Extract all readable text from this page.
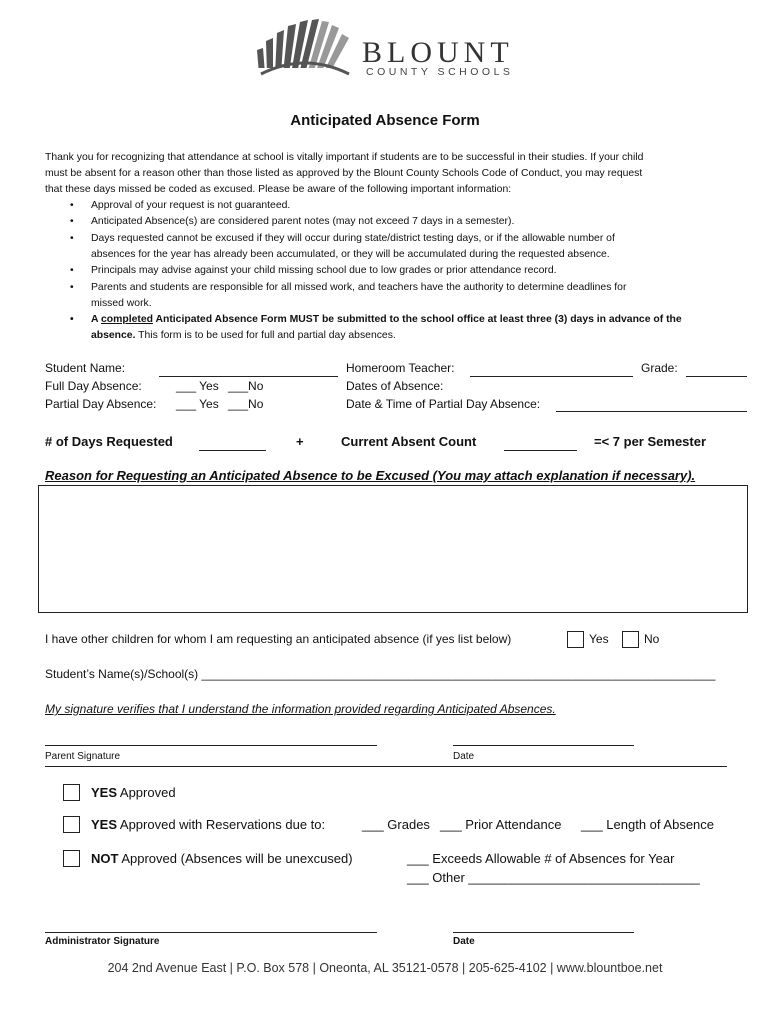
BLOUNT
COUNTY SCHOOLS
Anticipated Absence Form
Thank you for recognizing that attendance at school is vitally important if students are to be successful in their studies. If your child
must be absent for a reason other than those listed as approved by the Blount County Schools Code of Conduct, you may request
that these days missed be coded as excused. Please be aware of the following important information:
• Approval of your request is not guaranteed.
• Anticipated Absence(s) are considered parent notes (may not exceed 7 days in a semester).
• Days requested cannot be excused if they will occur during state/district testing days, or if the allowable number of
absences for the year has already been accumulated, or they will be accumulated during the requested absence.
• Principals may advise against your child missing school due to low grades or prior attendance record.
• Parents and students are responsible for all missed work, and teachers have the authority to determine deadlines for
missed work.
• A completed Anticipated Absence Form MUST be submitted to the school office at least three (3) days in advance of the
absence. This form is to be used for full and partial day absences.
Student Name:	Homeroom Teacher:	Grade:
Full Day Absence:	___ Yes ___No	Dates of Absence:
Partial Day Absence: ___ Yes ___No	Date & Time of Partial Day Absence:
# of Days Requested	+	Current Absent Count	=< 7 per Semester
Reason for Requesting an Anticipated Absence to be Excused (You may attach explanation if necessary).
I have other children for whom I am requesting an anticipated absence (if yes list below)	Yes	No
Student’s Name(s)/School(s) _____________________________________________________________________________
My signature verifies that I understand the information provided regarding Anticipated Absences.
Parent Signature	Date
YES Approved
YES Approved with Reservations due to:	___ Grades ___ Prior Attendance ___ Length of Absence
NOT Approved (Absences will be unexcused)	___ Exceeds Allowable # of Absences for Year
___ Other ________________________________
Administrator Signature	Date
204 2nd Avenue East | P.O. Box 578 | Oneonta, AL 35121-0578 | 205-625-4102 | www.blountboe.net
